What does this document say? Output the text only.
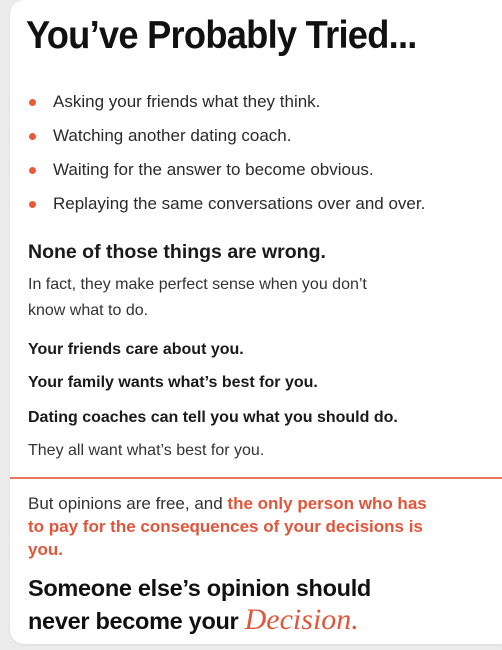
You’ve Probably Tried...
Asking your friends what they think.
Watching another dating coach.
Waiting for the answer to become obvious.
Replaying the same conversations over and over.
None of those things are wrong.

In fact, they make perfect sense when you don’t know what to do.

Your friends care about you.

Your family wants what’s best for you.

Dating coaches can tell you what you should do.

They all want what’s best for you.

But opinions are free, and the only person who has to pay for the consequences of your decisions is you.

Someone else’s opinion should
never become your Decision.
